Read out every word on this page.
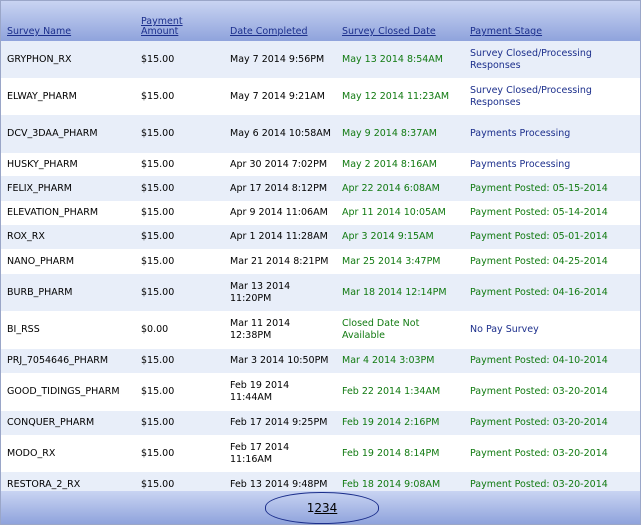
Survey Name	Payment Amount	Date Completed	Survey Closed Date	Payment Stage
GRYPHON_RX	$15.00	May 7 2014 9:56PM	May 13 2014 8:54AM	Survey Closed/Processing Responses
ELWAY_PHARM	$15.00	May 7 2014 9:21AM	May 12 2014 11:23AM	Survey Closed/Processing Responses
DCV_3DAA_PHARM	$15.00	May 6 2014 10:58AM	May 9 2014 8:37AM	Payments Processing
HUSKY_PHARM	$15.00	Apr 30 2014 7:02PM	May 2 2014 8:16AM	Payments Processing
FELIX_PHARM	$15.00	Apr 17 2014 8:12PM	Apr 22 2014 6:08AM	Payment Posted: 05-15-2014
ELEVATION_PHARM	$15.00	Apr 9 2014 11:06AM	Apr 11 2014 10:05AM	Payment Posted: 05-14-2014
ROX_RX	$15.00	Apr 1 2014 11:28AM	Apr 3 2014 9:15AM	Payment Posted: 05-01-2014
NANO_PHARM	$15.00	Mar 21 2014 8:21PM	Mar 25 2014 3:47PM	Payment Posted: 04-25-2014
BURB_PHARM	$15.00	Mar 13 2014 11:20PM	Mar 18 2014 12:14PM	Payment Posted: 04-16-2014
BI_RSS	$0.00	Mar 11 2014 12:38PM	Closed Date Not Available	No Pay Survey
PRJ_7054646_PHARM	$15.00	Mar 3 2014 10:50PM	Mar 4 2014 3:03PM	Payment Posted: 04-10-2014
GOOD_TIDINGS_PHARM	$15.00	Feb 19 2014 11:44AM	Feb 22 2014 1:34AM	Payment Posted: 03-20-2014
CONQUER_PHARM	$15.00	Feb 17 2014 9:25PM	Feb 19 2014 2:16PM	Payment Posted: 03-20-2014
MODO_RX	$15.00	Feb 17 2014 11:16AM	Feb 19 2014 8:14PM	Payment Posted: 03-20-2014
RESTORA_2_RX	$15.00	Feb 13 2014 9:48PM	Feb 18 2014 9:08AM	Payment Posted: 03-20-2014
1234
